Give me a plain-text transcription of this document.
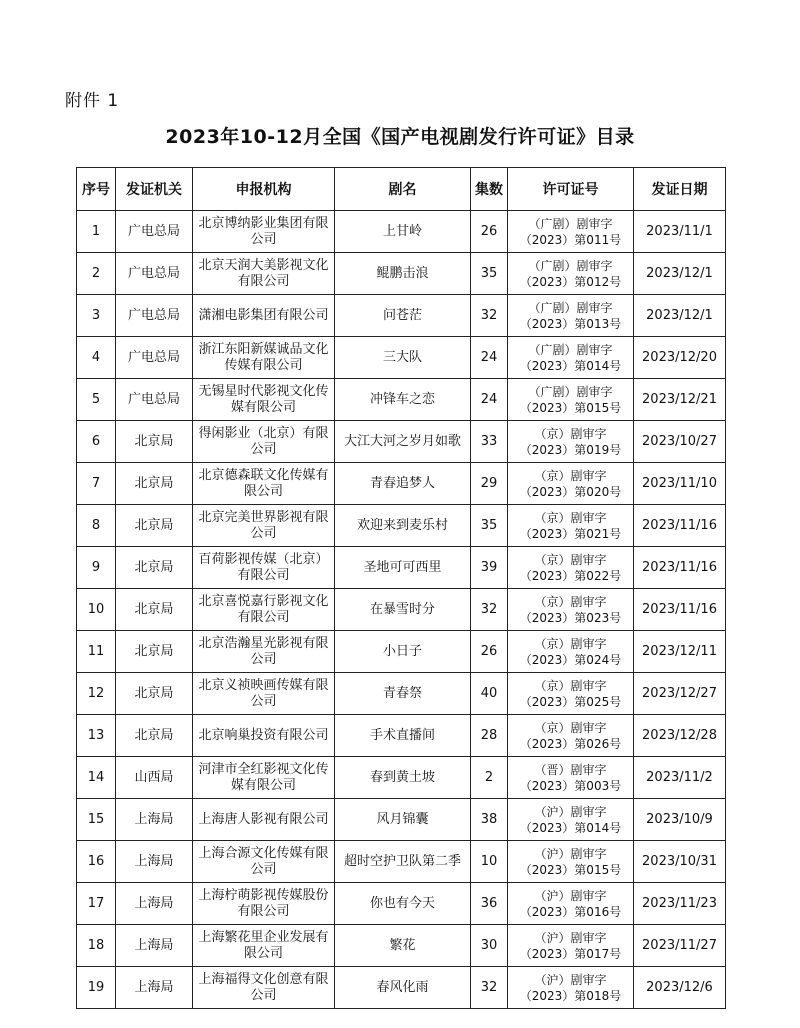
附件 1
2023年10-12月全国《国产电视剧发行许可证》目录
序号	发证机关	申报机构	剧名	集数	许可证号	发证日期
1	广电总局	北京博纳影业集团有限公司	上甘岭	26	（广剧）剧审字
（2023）第011号	2023/11/1
2	广电总局	北京天润大美影视文化有限公司	鲲鹏击浪	35	（广剧）剧审字
（2023）第012号	2023/12/1
3	广电总局	潇湘电影集团有限公司	问苍茫	32	（广剧）剧审字
（2023）第013号	2023/12/1
4	广电总局	浙江东阳新媒诚品文化传媒有限公司	三大队	24	（广剧）剧审字
（2023）第014号	2023/12/20
5	广电总局	无锡星时代影视文化传媒有限公司	冲锋车之恋	24	（广剧）剧审字
（2023）第015号	2023/12/21
6	北京局	得闲影业（北京）有限公司	大江大河之岁月如歌	33	（京）剧审字
（2023）第019号	2023/10/27
7	北京局	北京德森联文化传媒有限公司	青春追梦人	29	（京）剧审字
（2023）第020号	2023/11/10
8	北京局	北京完美世界影视有限公司	欢迎来到麦乐村	35	（京）剧审字
（2023）第021号	2023/11/16
9	北京局	百荷影视传媒（北京）有限公司	圣地可可西里	39	（京）剧审字
（2023）第022号	2023/11/16
10	北京局	北京喜悦嘉行影视文化有限公司	在暴雪时分	32	（京）剧审字
（2023）第023号	2023/11/16
11	北京局	北京浩瀚星光影视有限公司	小日子	26	（京）剧审字
（2023）第024号	2023/12/11
12	北京局	北京义祯映画传媒有限公司	青春祭	40	（京）剧审字
（2023）第025号	2023/12/27
13	北京局	北京响巢投资有限公司	手术直播间	28	（京）剧审字
（2023）第026号	2023/12/28
14	山西局	河津市全红影视文化传媒有限公司	春到黄土坡	2	（晋）剧审字
（2023）第003号	2023/11/2
15	上海局	上海唐人影视有限公司	风月锦囊	38	（沪）剧审字
（2023）第014号	2023/10/9
16	上海局	上海合源文化传媒有限公司	超时空护卫队第二季	10	（沪）剧审字
（2023）第015号	2023/10/31
17	上海局	上海柠萌影视传媒股份有限公司	你也有今天	36	（沪）剧审字
（2023）第016号	2023/11/23
18	上海局	上海繁花里企业发展有限公司	繁花	30	（沪）剧审字
（2023）第017号	2023/11/27
19	上海局	上海福得文化创意有限公司	春风化雨	32	（沪）剧审字
（2023）第018号	2023/12/6
